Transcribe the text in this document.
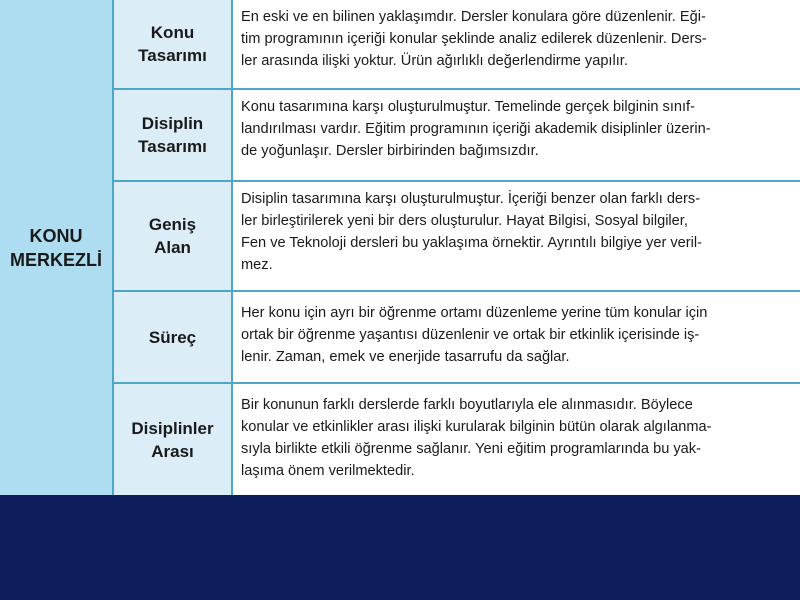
KONU
MERKEZLİ
Konu
Tasarımı
En eski ve en bilinen yaklaşımdır. Dersler konulara göre düzenlenir. Eği-
tim programının içeriği konular şeklinde analiz edilerek düzenlenir. Ders-
ler arasında ilişki yoktur. Ürün ağırlıklı değerlendirme yapılır.
Disiplin
Tasarımı
Konu tasarımına karşı oluşturulmuştur. Temelinde gerçek bilginin sınıf-
landırılması vardır. Eğitim programının içeriği akademik disiplinler üzerin-
de yoğunlaşır. Dersler birbirinden bağımsızdır.
Geniş
Alan
Disiplin tasarımına karşı oluşturulmuştur. İçeriği benzer olan farklı ders-
ler birleştirilerek yeni bir ders oluşturulur. Hayat Bilgisi, Sosyal bilgiler,
Fen ve Teknoloji dersleri bu yaklaşıma örnektir. Ayrıntılı bilgiye yer veril-
mez.
Süreç
Her konu için ayrı bir öğrenme ortamı düzenleme yerine tüm konular için
ortak bir öğrenme yaşantısı düzenlenir ve ortak bir etkinlik içerisinde iş-
lenir. Zaman, emek ve enerjide tasarrufu da sağlar.
Disiplinler
Arası
Bir konunun farklı derslerde farklı boyutlarıyla ele alınmasıdır. Böylece
konular ve etkinlikler arası ilişki kurularak bilginin bütün olarak algılanma-
sıyla birlikte etkili öğrenme sağlanır. Yeni eğitim programlarında bu yak-
laşıma önem verilmektedir.
